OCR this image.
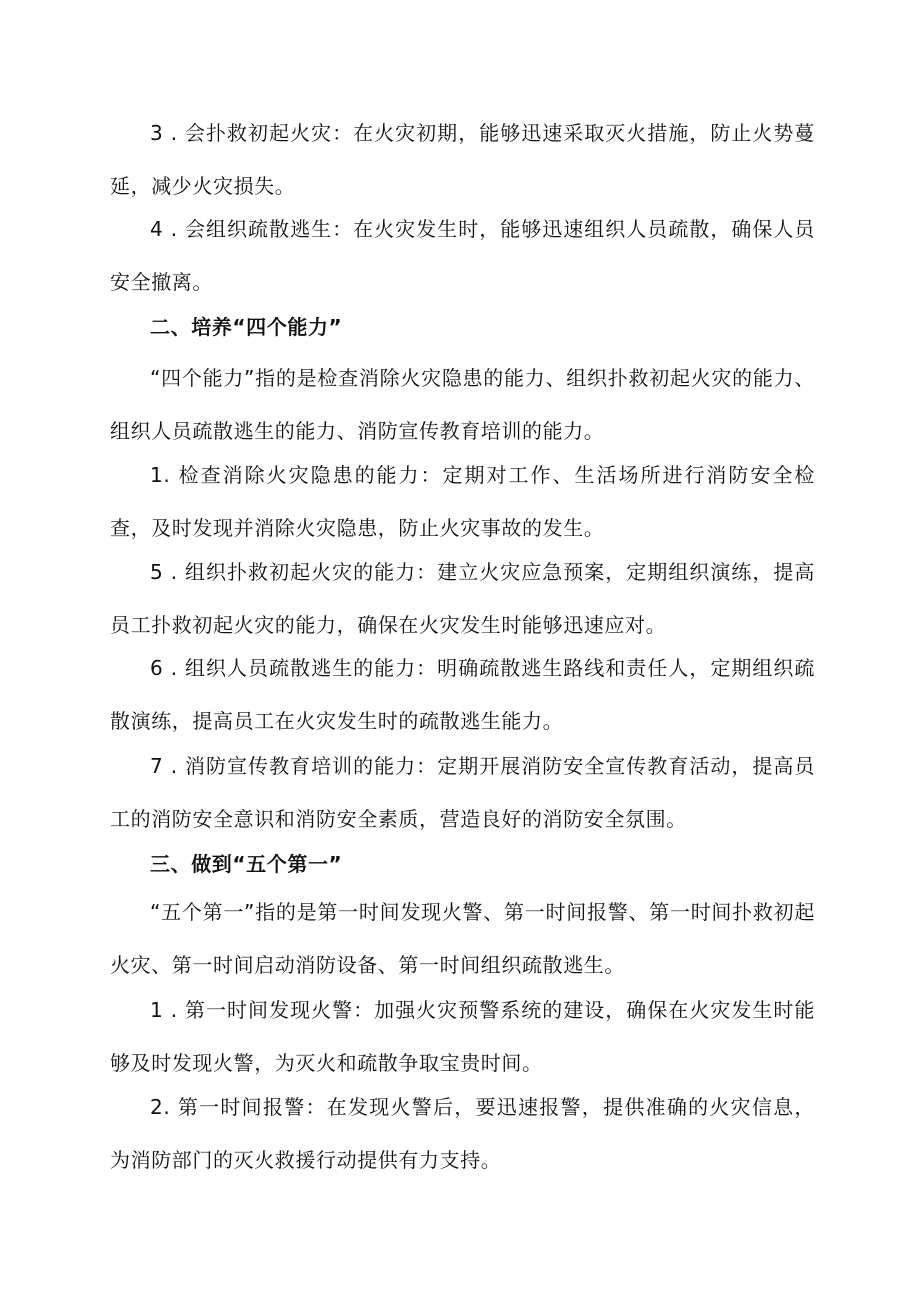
3 . 会扑救初起火灾：在火灾初期，能够迅速采取灭火措施，防止火势蔓延，减少火灾损失。

4 . 会组织疏散逃生：在火灾发生时，能够迅速组织人员疏散，确保人员安全撤离。

二、培养“四个能力”

“四个能力”指的是检查消除火灾隐患的能力、组织扑救初起火灾的能力、组织人员疏散逃生的能力、消防宣传教育培训的能力。

1. 检查消除火灾隐患的能力：定期对工作、生活场所进行消防安全检查，及时发现并消除火灾隐患，防止火灾事故的发生。

5 . 组织扑救初起火灾的能力：建立火灾应急预案，定期组织演练，提高员工扑救初起火灾的能力，确保在火灾发生时能够迅速应对。

6 . 组织人员疏散逃生的能力：明确疏散逃生路线和责任人，定期组织疏散演练，提高员工在火灾发生时的疏散逃生能力。

7 . 消防宣传教育培训的能力：定期开展消防安全宣传教育活动，提高员工的消防安全意识和消防安全素质，营造良好的消防安全氛围。

三、做到“五个第一”

“五个第一”指的是第一时间发现火警、第一时间报警、第一时间扑救初起火灾、第一时间启动消防设备、第一时间组织疏散逃生。

1 . 第一时间发现火警：加强火灾预警系统的建设，确保在火灾发生时能够及时发现火警，为灭火和疏散争取宝贵时间。

2. 第一时间报警：在发现火警后，要迅速报警，提供准确的火灾信息，为消防部门的灭火救援行动提供有力支持。
